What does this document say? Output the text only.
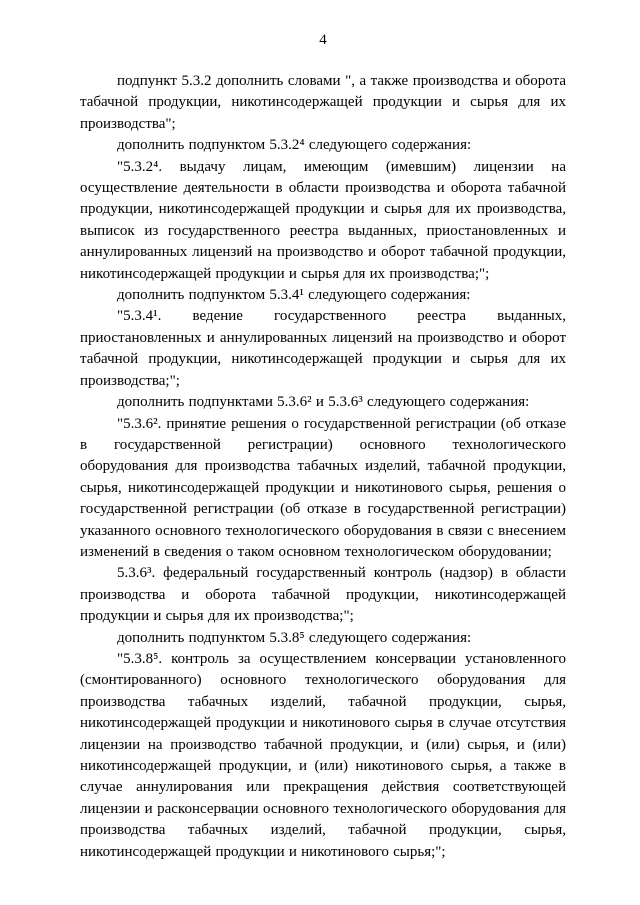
4

подпункт 5.3.2 дополнить словами ", а также производства и оборота табачной продукции, никотинсодержащей продукции и сырья для их производства";

дополнить подпунктом 5.3.2⁴ следующего содержания:

"5.3.2⁴. выдачу лицам, имеющим (имевшим) лицензии на осуществление деятельности в области производства и оборота табачной продукции, никотинсодержащей продукции и сырья для их производства, выписок из государственного реестра выданных, приостановленных и аннулированных лицензий на производство и оборот табачной продукции, никотинсодержащей продукции и сырья для их производства;";

дополнить подпунктом 5.3.4¹ следующего содержания:

"5.3.4¹. ведение государственного реестра выданных, приостановленных и аннулированных лицензий на производство и оборот табачной продукции, никотинсодержащей продукции и сырья для их производства;";

дополнить подпунктами 5.3.6² и 5.3.6³ следующего содержания:

"5.3.6². принятие решения о государственной регистрации (об отказе в государственной регистрации) основного технологического оборудования для производства табачных изделий, табачной продукции, сырья, никотинсодержащей продукции и никотинового сырья, решения о государственной регистрации (об отказе в государственной регистрации) указанного основного технологического оборудования в связи с внесением изменений в сведения о таком основном технологическом оборудовании;

5.3.6³. федеральный государственный контроль (надзор) в области производства и оборота табачной продукции, никотинсодержащей продукции и сырья для их производства;";

дополнить подпунктом 5.3.8⁵ следующего содержания:

"5.3.8⁵. контроль за осуществлением консервации установленного (смонтированного) основного технологического оборудования для производства табачных изделий, табачной продукции, сырья, никотинсодержащей продукции и никотинового сырья в случае отсутствия лицензии на производство табачной продукции, и (или) сырья, и (или) никотинсодержащей продукции, и (или) никотинового сырья, а также в случае аннулирования или прекращения действия соответствующей лицензии и расконсервации основного технологического оборудования для производства табачных изделий, табачной продукции, сырья, никотинсодержащей продукции и никотинового сырья;";
